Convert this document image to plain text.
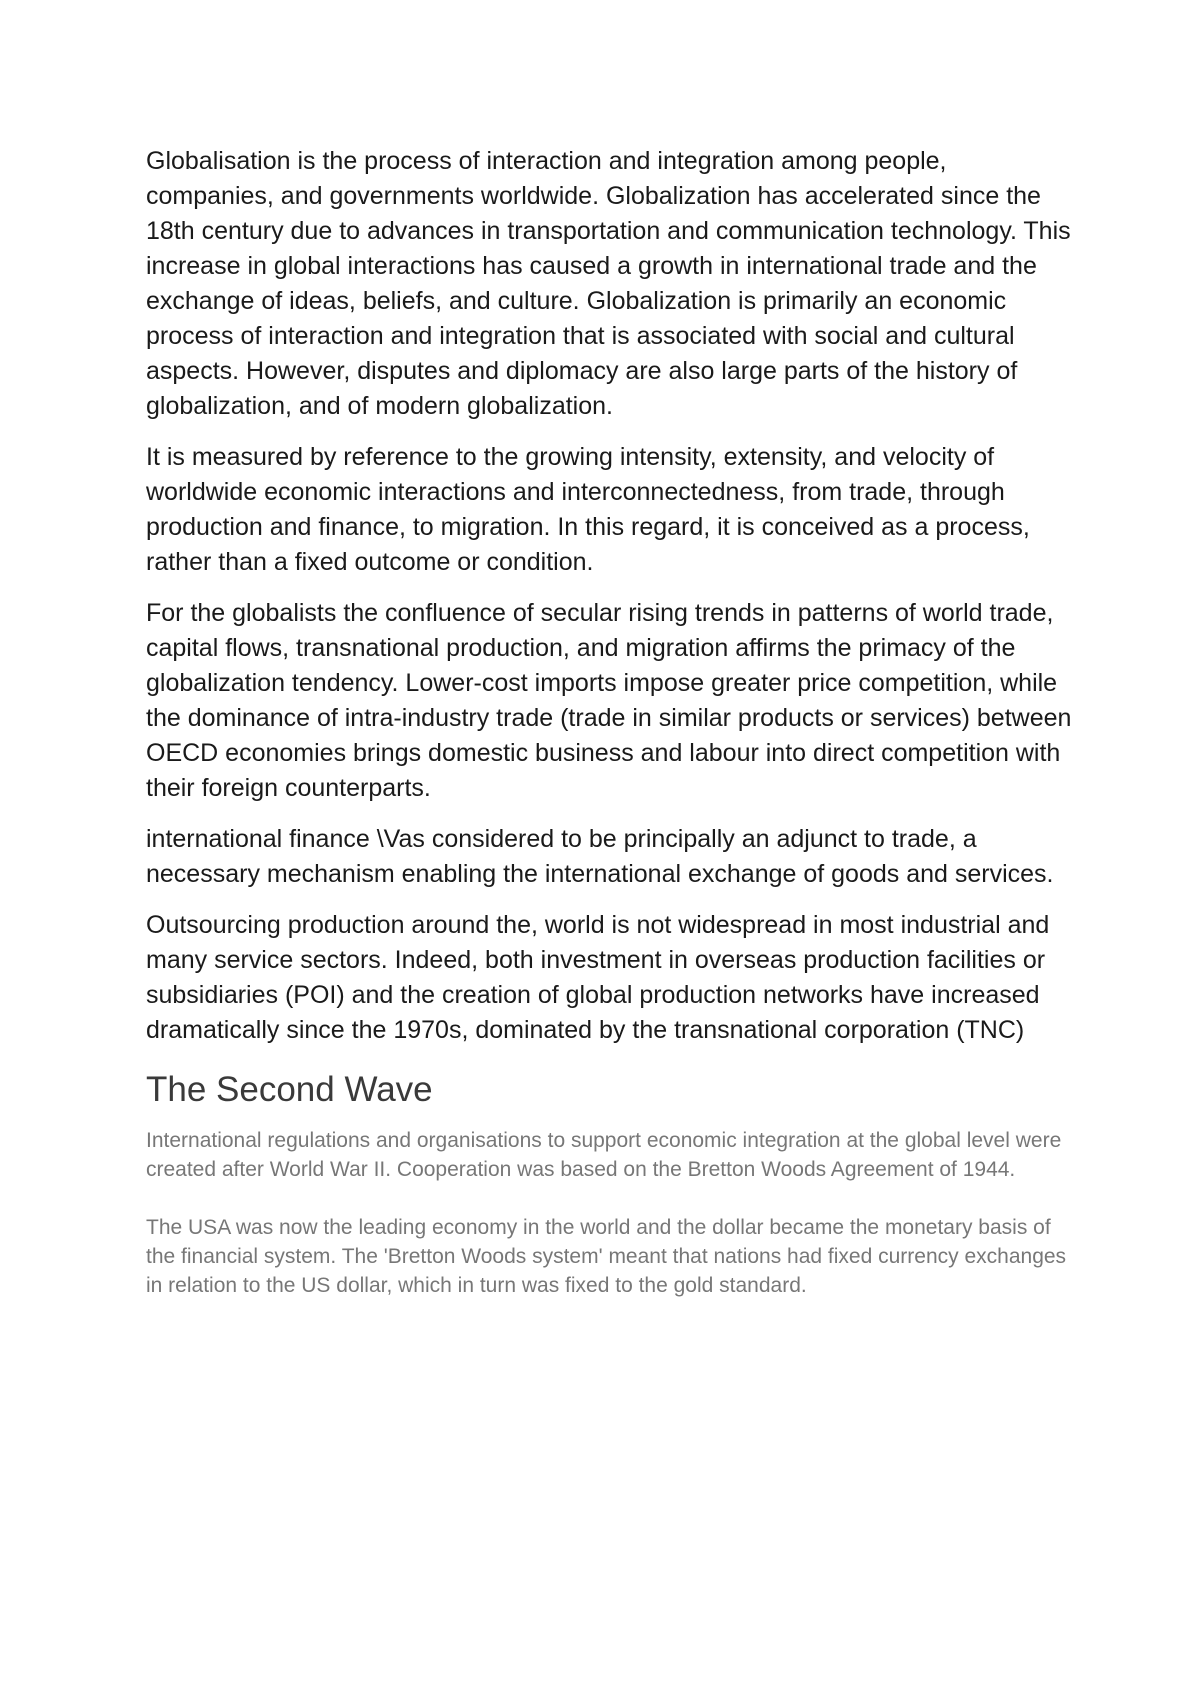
Globalisation is the process of interaction and integration among people, companies, and governments worldwide. Globalization has accelerated since the 18th century due to advances in transportation and communication technology. This increase in global interactions has caused a growth in international trade and the exchange of ideas, beliefs, and culture. Globalization is primarily an economic process of interaction and integration that is associated with social and cultural aspects. However, disputes and diplomacy are also large parts of the history of globalization, and of modern globalization.

It is measured by reference to the growing intensity, extensity, and velocity of worldwide economic interactions and interconnectedness, from trade, through production and finance, to migration. In this regard, it is conceived as a process, rather than a fixed outcome or condition.

For the globalists the confluence of secular rising trends in patterns of world trade, capital flows, transnational production, and migration affirms the primacy of the globalization tendency. Lower-cost imports impose greater price competition, while the dominance of intra-industry trade (trade in similar products or services) between OECD economies brings domestic business and labour into direct competition with their foreign counterparts.

international finance \Vas considered to be principally an adjunct to trade, a necessary mechanism enabling the international exchange of goods and services.

Outsourcing production around the, world is not widespread in most industrial and many service sectors. Indeed, both investment in overseas production facilities or subsidiaries (POI) and the creation of global production networks have increased dramatically since the 1970s, dominated by the transnational corporation (TNC)

The Second Wave

International regulations and organisations to support economic integration at the global level were created after World War II. Cooperation was based on the Bretton Woods Agreement of 1944.

The USA was now the leading economy in the world and the dollar became the monetary basis of the financial system. The 'Bretton Woods system' meant that nations had fixed currency exchanges in relation to the US dollar, which in turn was fixed to the gold standard.
